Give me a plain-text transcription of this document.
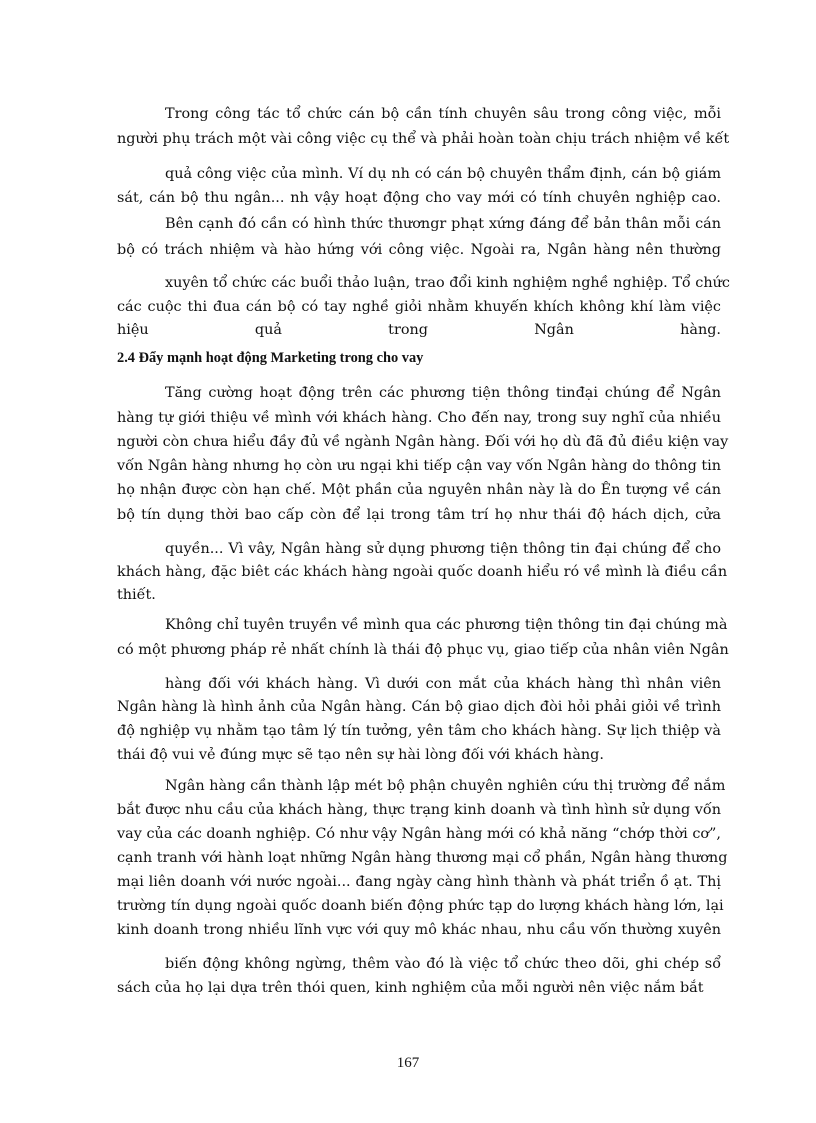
Trong công tác tổ chức cán bộ cần tính chuyên sâu trong công việc, mỗi
người phụ trách một vài công việc cụ thể và phải hoàn toàn chịu trách nhiệm về kết
quả công việc của mình. Ví dụ nh có cán bộ chuyên thẩm định, cán bộ giám
sát, cán bộ thu ngân... nh vậy hoạt động cho vay mới có tính chuyên nghiệp cao.
Bên cạnh đó cần có hình thức thươngr phạt xứng đáng để bản thân mỗi cán
bộ có trách nhiệm và hào hứng với công việc. Ngoài ra, Ngân hàng nên thường
xuyên tổ chức các buổi thảo luận, trao đổi kinh nghiệm nghề nghiệp. Tổ chức
các cuộc thi đua cán bộ có tay nghề giỏi nhằm khuyến khích không khí làm việc
hiệu quả trong Ngân hàng.
2.4 Đẩy mạnh hoạt động Marketing trong cho vay
Tăng cường hoạt động trên các phương tiện thông tinđại chúng để Ngân
hàng tự giới thiệu về mình với khách hàng. Cho đến nay, trong suy nghĩ của nhiều
người còn chưa hiểu đầy đủ về ngành Ngân hàng. Đối với họ dù đã đủ điều kiện vay
vốn Ngân hàng nhưng họ còn ưu ngại khi tiếp cận vay vốn Ngân hàng do thông tin
họ nhận được còn hạn chế. Một phần của nguyên nhân này là do Ên tượng về cán
bộ tín dụng thời bao cấp còn để lại trong tâm trí họ như thái độ hách dịch, cửa
quyền... Vì vây, Ngân hàng sử dụng phương tiện thông tin đại chúng để cho
khách hàng, đặc biêt các khách hàng ngoài quốc doanh hiểu ró về mình là điều cần
thiết.
Không chỉ tuyên truyền về mình qua các phương tiện thông tin đại chúng mà
có một phương pháp rẻ nhất chính là thái độ phục vụ, giao tiếp của nhân viên Ngân
hàng đối với khách hàng. Vì dưới con mắt của khách hàng thì nhân viên
Ngân hàng là hình ảnh của Ngân hàng. Cán bộ giao dịch đòi hỏi phải giỏi về trình
độ nghiệp vụ nhằm tạo tâm lý tín tưởng, yên tâm cho khách hàng. Sự lịch thiệp và
thái độ vui vẻ đúng mực sẽ tạo nên sự hài lòng đối với khách hàng.
Ngân hàng cần thành lập mét bộ phận chuyên nghiên cứu thị trường để nắm
bắt được nhu cầu của khách hàng, thực trạng kinh doanh và tình hình sử dụng vốn
vay của các doanh nghiệp. Có như vậy Ngân hàng mới có khả năng “chớp thời cơ”,
cạnh tranh với hành loạt những Ngân hàng thương mại cổ phần, Ngân hàng thương
mại liên doanh với nước ngoài... đang ngày càng hình thành và phát triển ồ ạt. Thị
trường tín dụng ngoài quốc doanh biến động phức tạp do lượng khách hàng lớn, lại
kinh doanh trong nhiều lĩnh vực với quy mô khác nhau, nhu cầu vốn thường xuyên
biến động không ngừng, thêm vào đó là việc tổ chức theo dõi, ghi chép sổ
sách của họ lại dựa trên thói quen, kinh nghiệm của mỗi người nên việc nắm bắt
167
